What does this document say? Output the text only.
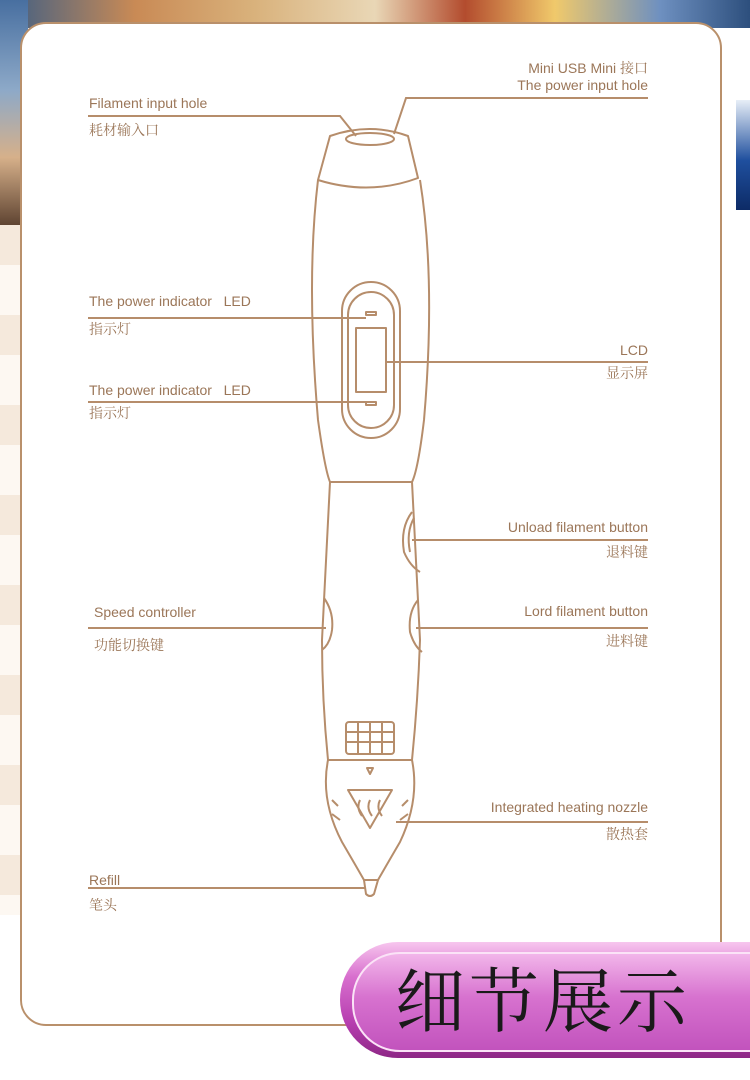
Filament input hole
耗材输入口
Mini USB Mini 接口
The power input hole
The power indicator   LED
指示灯
The power indicator   LED
指示灯
LCD
显示屏
Unload filament button
退料键
Speed controller
功能切换键
Lord filament button
进料键
Integrated heating nozzle
散热套
Refill
笔头
细节展示
